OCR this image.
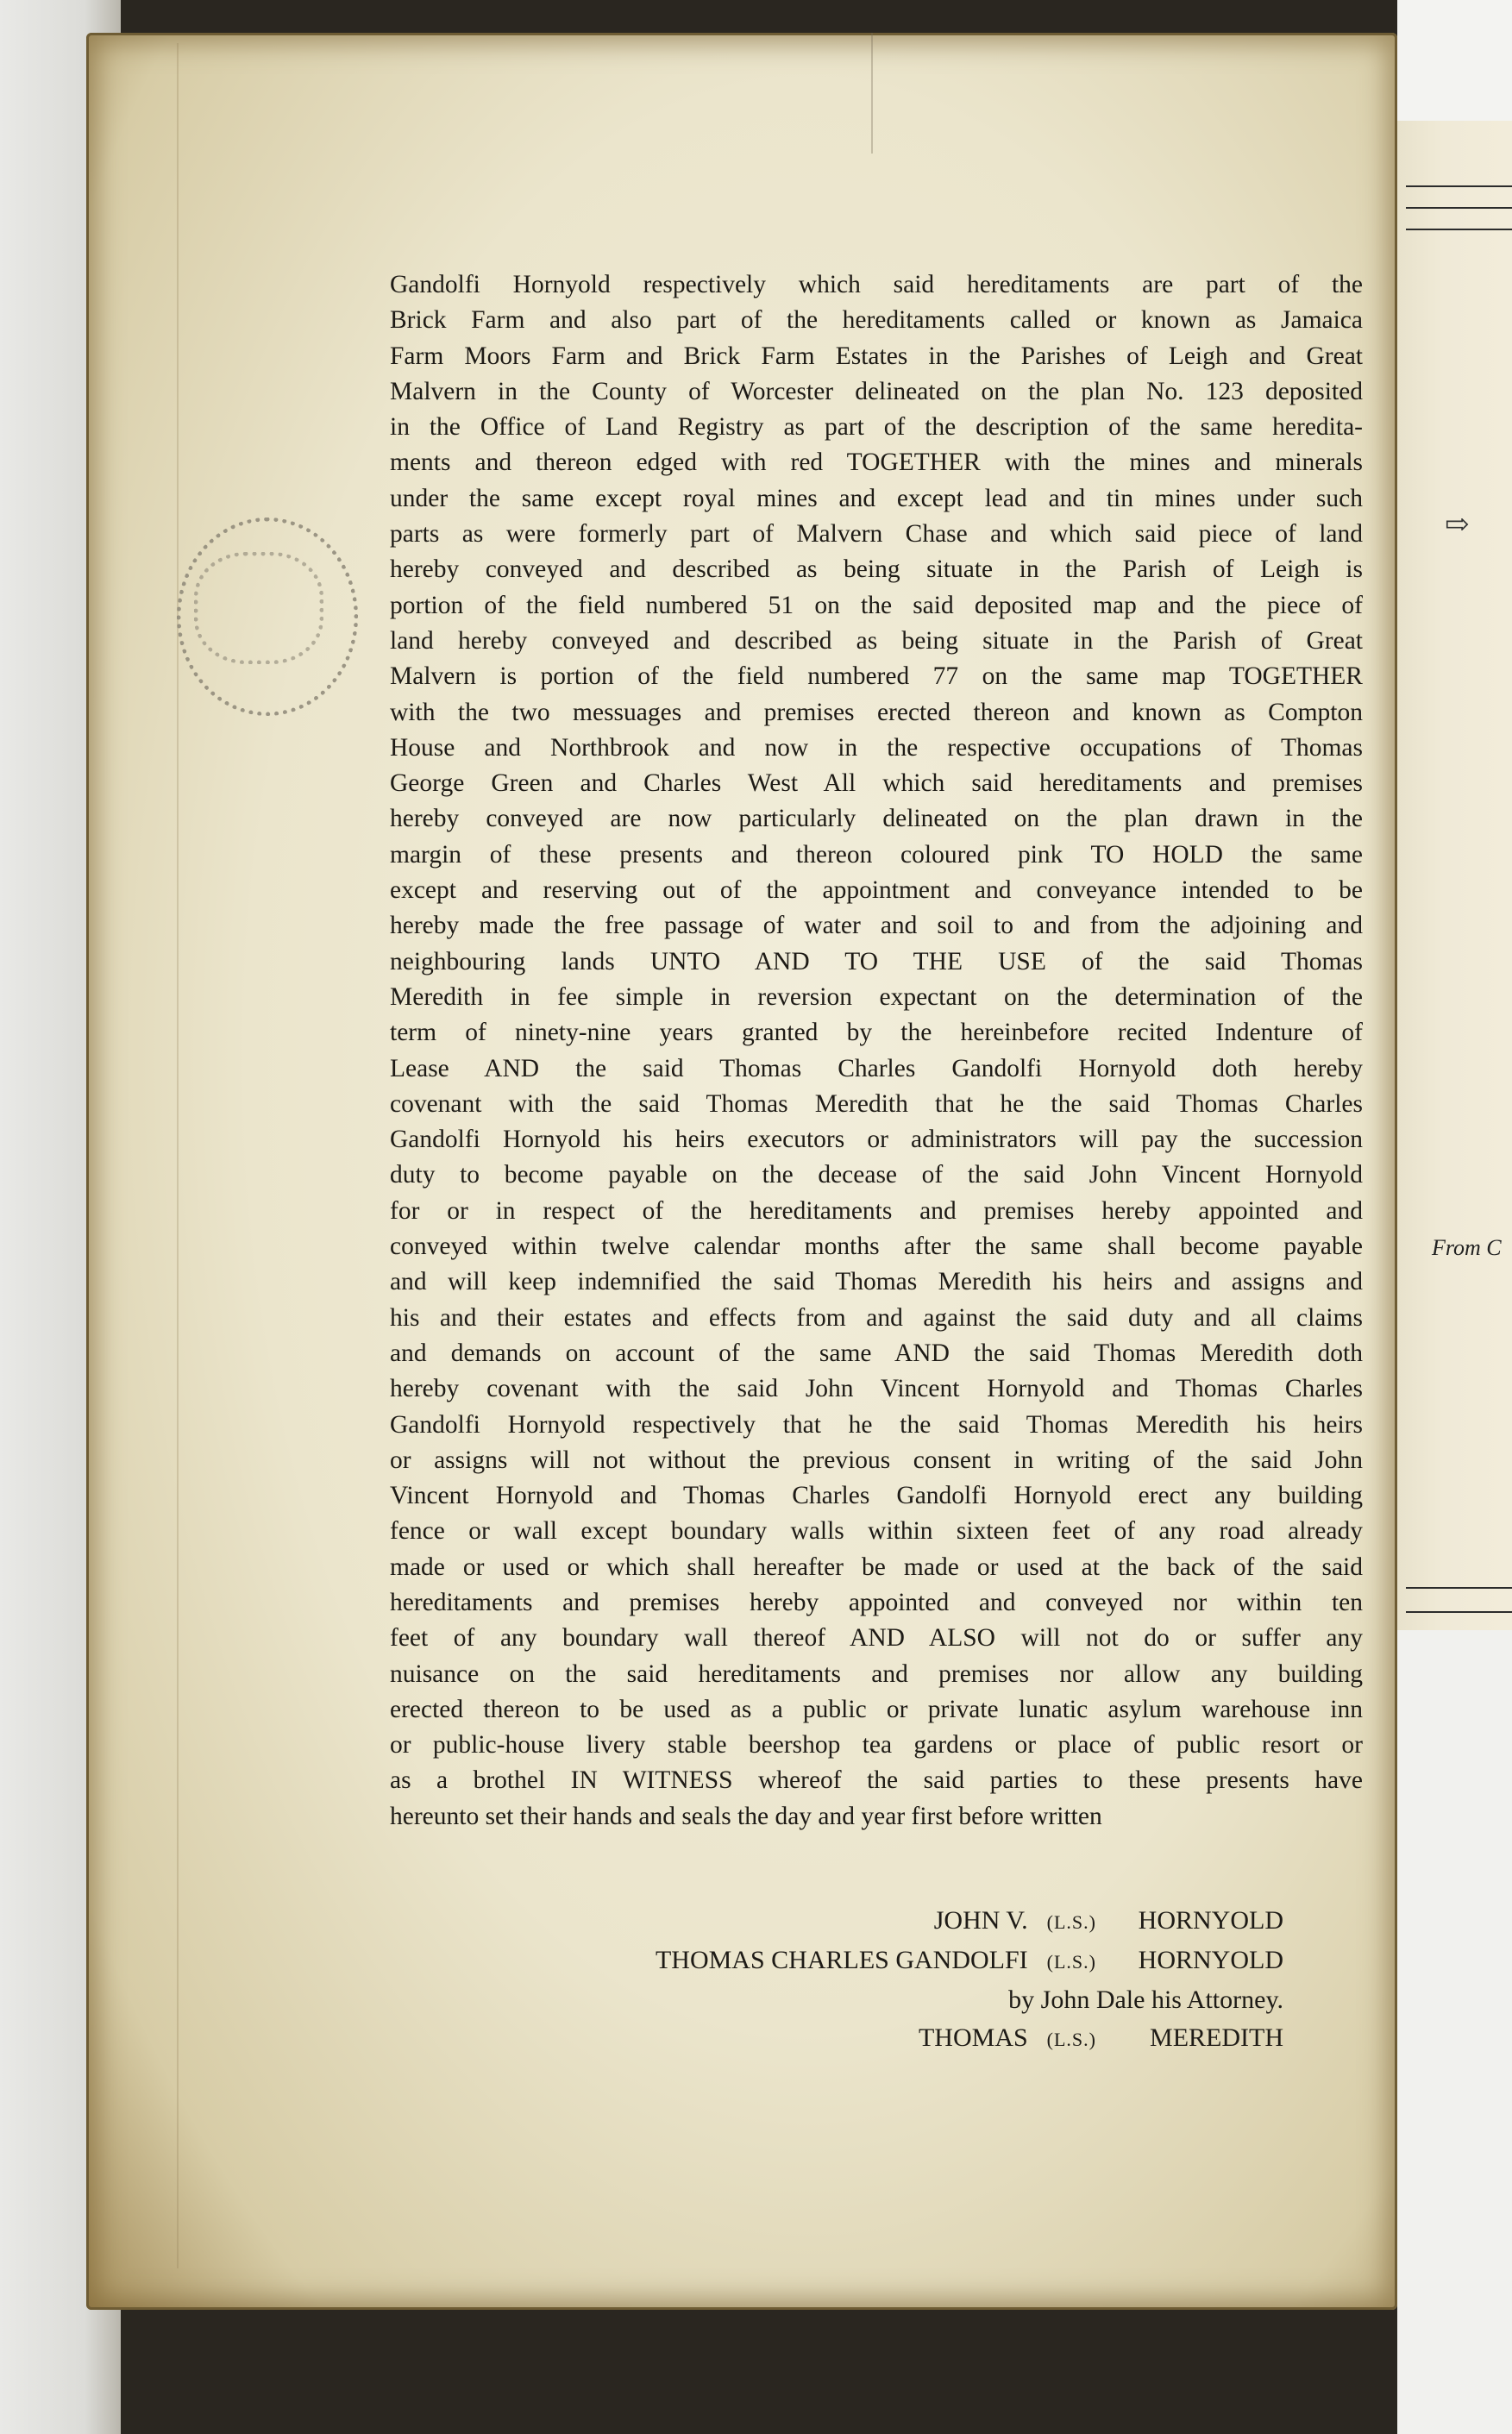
⇨
From C
Gandolfi Hornyold respectively which said hereditaments are part of the
Brick Farm and also part of the hereditaments called or known as Jamaica
Farm Moors Farm and Brick Farm Estates in the Parishes of Leigh and Great
Malvern in the County of Worcester delineated on the plan No. 123 deposited
in the Office of Land Registry as part of the description of the same heredita-
ments and thereon edged with red TOGETHER with the mines and minerals
under the same except royal mines and except lead and tin mines under such
parts as were formerly part of Malvern Chase and which said piece of land
hereby conveyed and described as being situate in the Parish of Leigh is
portion of the field numbered 51 on the said deposited map and the piece of
land hereby conveyed and described as being situate in the Parish of Great
Malvern is portion of the field numbered 77 on the same map TOGETHER
with the two messuages and premises erected thereon and known as Compton
House and Northbrook and now in the respective occupations of Thomas
George Green and Charles West All which said hereditaments and premises
hereby conveyed are now particularly delineated on the plan drawn in the
margin of these presents and thereon coloured pink TO HOLD the same
except and reserving out of the appointment and conveyance intended to be
hereby made the free passage of water and soil to and from the adjoining and
neighbouring lands UNTO AND TO THE USE of the said Thomas
Meredith in fee simple in reversion expectant on the determination of the
term of ninety-nine years granted by the hereinbefore recited Indenture of
Lease AND the said Thomas Charles Gandolfi Hornyold doth hereby
covenant with the said Thomas Meredith that he the said Thomas Charles
Gandolfi Hornyold his heirs executors or administrators will pay the succession
duty to become payable on the decease of the said John Vincent Hornyold
for or in respect of the hereditaments and premises hereby appointed and
conveyed within twelve calendar months after the same shall become payable
and will keep indemnified the said Thomas Meredith his heirs and assigns and
his and their estates and effects from and against the said duty and all claims
and demands on account of the same AND the said Thomas Meredith doth
hereby covenant with the said John Vincent Hornyold and Thomas Charles
Gandolfi Hornyold respectively that he the said Thomas Meredith his heirs
or assigns will not without the previous consent in writing of the said John
Vincent Hornyold and Thomas Charles Gandolfi Hornyold erect any building
fence or wall except boundary walls within sixteen feet of any road already
made or used or which shall hereafter be made or used at the back of the said
hereditaments and premises hereby appointed and conveyed nor within ten
feet of any boundary wall thereof AND ALSO will not do or suffer any
nuisance on the said hereditaments and premises nor allow any building
erected thereon to be used as a public or private lunatic asylum warehouse inn
or public-house livery stable beershop tea gardens or place of public resort or
as a brothel IN WITNESS whereof the said parties to these presents have
hereunto set their hands and seals the day and year first before written
JOHN V. (L.S.)	HORNYOLD
THOMAS CHARLES GANDOLFI (L.S.)	HORNYOLD
by John Dale his Attorney.
THOMAS (L.S.)	MEREDITH
